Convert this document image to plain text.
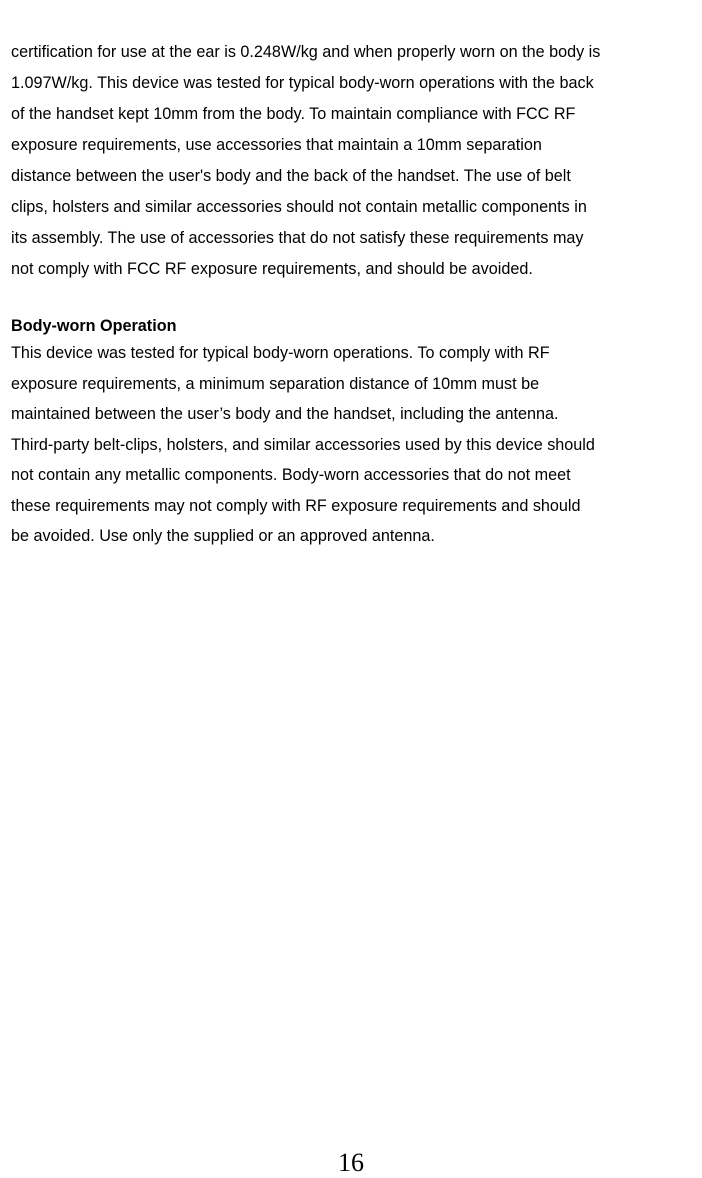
certification for use at the ear is 0.248W/kg and when properly worn on the body is
1.097W/kg. This device was tested for typical body-worn operations with the back
of the handset kept 10mm from the body. To maintain compliance with FCC RF
exposure requirements, use accessories that maintain a 10mm separation
distance between the user's body and the back of the handset. The use of belt
clips, holsters and similar accessories should not contain metallic components in
its assembly. The use of accessories that do not satisfy these requirements may
not comply with FCC RF exposure requirements, and should be avoided.
Body-worn Operation
This device was tested for typical body-worn operations. To comply with RF
exposure requirements, a minimum separation distance of 10mm must be
maintained between the user’s body and the handset, including the antenna.
Third-party belt-clips, holsters, and similar accessories used by this device should
not contain any metallic components. Body-worn accessories that do not meet
these requirements may not comply with RF exposure requirements and should
be avoided. Use only the supplied or an approved antenna.
16
